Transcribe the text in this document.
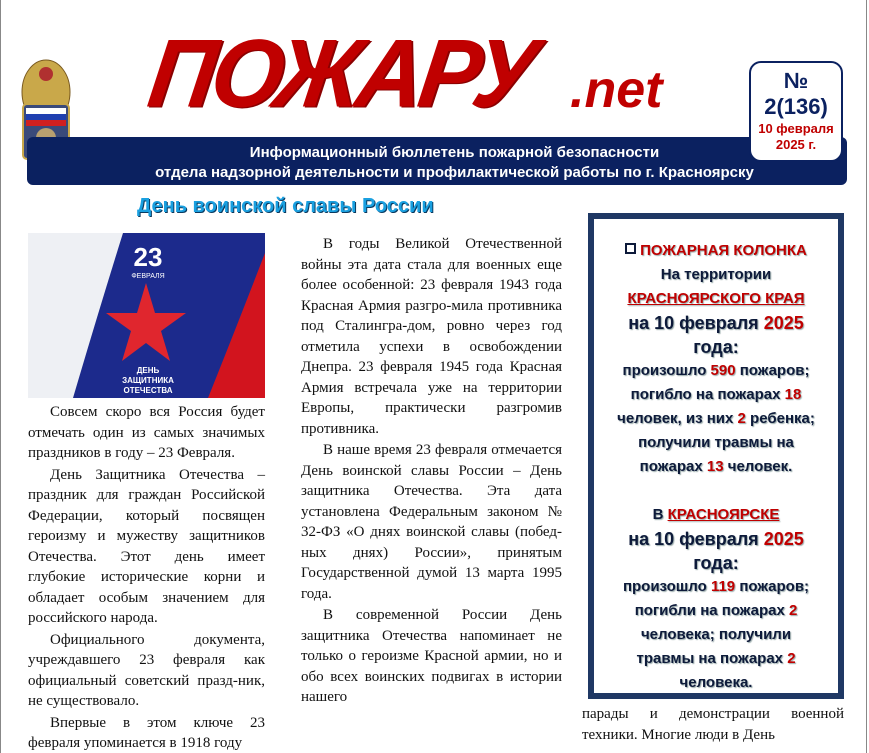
ПОЖАРУ .net
Информационный бюллетень пожарной безопасности
отдела надзорной деятельности и профилактической работы по г. Красноярску
№
2(136)
10 февраля
2025 г.
День воинской славы России
23
ФЕВРАЛЯ
ДЕНЬ
ЗАЩИТНИКА
ОТЕЧЕСТВА

Совсем скоро вся Россия будет отмечать один из самых значимых праздников в году – 23 Февраля.

День Защитника Отечества – праздник для граждан Российской Федерации, который посвящен героизму и мужеству защитников Отечества. Этот день имеет глубокие исторические корни и обладает особым значением для российского народа.

Официального документа, учреждавшего 23 февраля как официальный советский празд-ник, не существовало.

Впервые в этом ключе 23 февраля упоминается в 1918 году

В годы Великой Отечественной войны эта дата стала для военных еще более особенной: 23 февраля 1943 года Красная Армия разгро-мила противника под Сталингра-дом, ровно через год отметила успехи в освобождении Днепра. 23 февраля 1945 года Красная Армия встречала уже на территории Европы, практически разгромив противника.

В наше время 23 февраля отмечается День воинской славы России – День защитника Отечества. Эта дата установлена Федеральным законом № 32-ФЗ «О днях воинской славы (побед-ных днях) России», принятым Государственной думой 13 марта 1995 года.

В современной России День защитника Отечества напоминает не только о героизме Красной армии, но и обо всех воинских подвигах в истории нашего

ПОЖАРНАЯ КОЛОНКА
На территории
КРАСНОЯРСКОГО КРАЯ
на 10 февраля 2025
года:
произошло 590 пожаров;
погибло на пожарах 18
человек, из них 2 ребенка;
получили травмы на
пожарах 13 человек.
В КРАСНОЯРСКЕ
на 10 февраля 2025
года:
произошло 119 пожаров;
погибли на пожарах 2
человека; получили
травмы на пожарах 2
человека.

парады и демонстрации военной техники. Многие люди в День
